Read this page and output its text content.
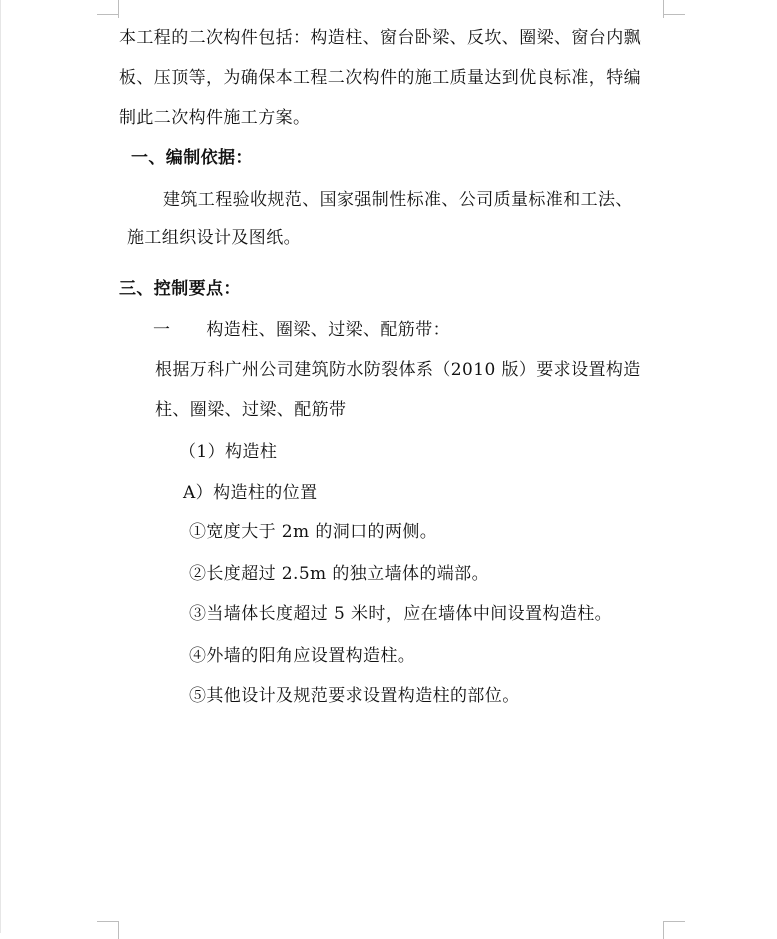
本工程的二次构件包括：构造柱、窗台卧梁、反坎、圈梁、窗台内飘
板、压顶等，为确保本工程二次构件的施工质量达到优良标准，特编
制此二次构件施工方案。
一、编制依据：
建筑工程验收规范、国家强制性标准、公司质量标准和工法、
施工组织设计及图纸。
三、控制要点：
一 构造柱、圈梁、过梁、配筋带：
根据万科广州公司建筑防水防裂体系（2010 版）要求设置构造
柱、圈梁、过梁、配筋带
（1）构造柱
A）构造柱的位置
①宽度大于 2m 的洞口的两侧。
②长度超过 2.5m 的独立墙体的端部。
③当墙体长度超过 5 米时，应在墙体中间设置构造柱。
④外墙的阳角应设置构造柱。
⑤其他设计及规范要求设置构造柱的部位。
